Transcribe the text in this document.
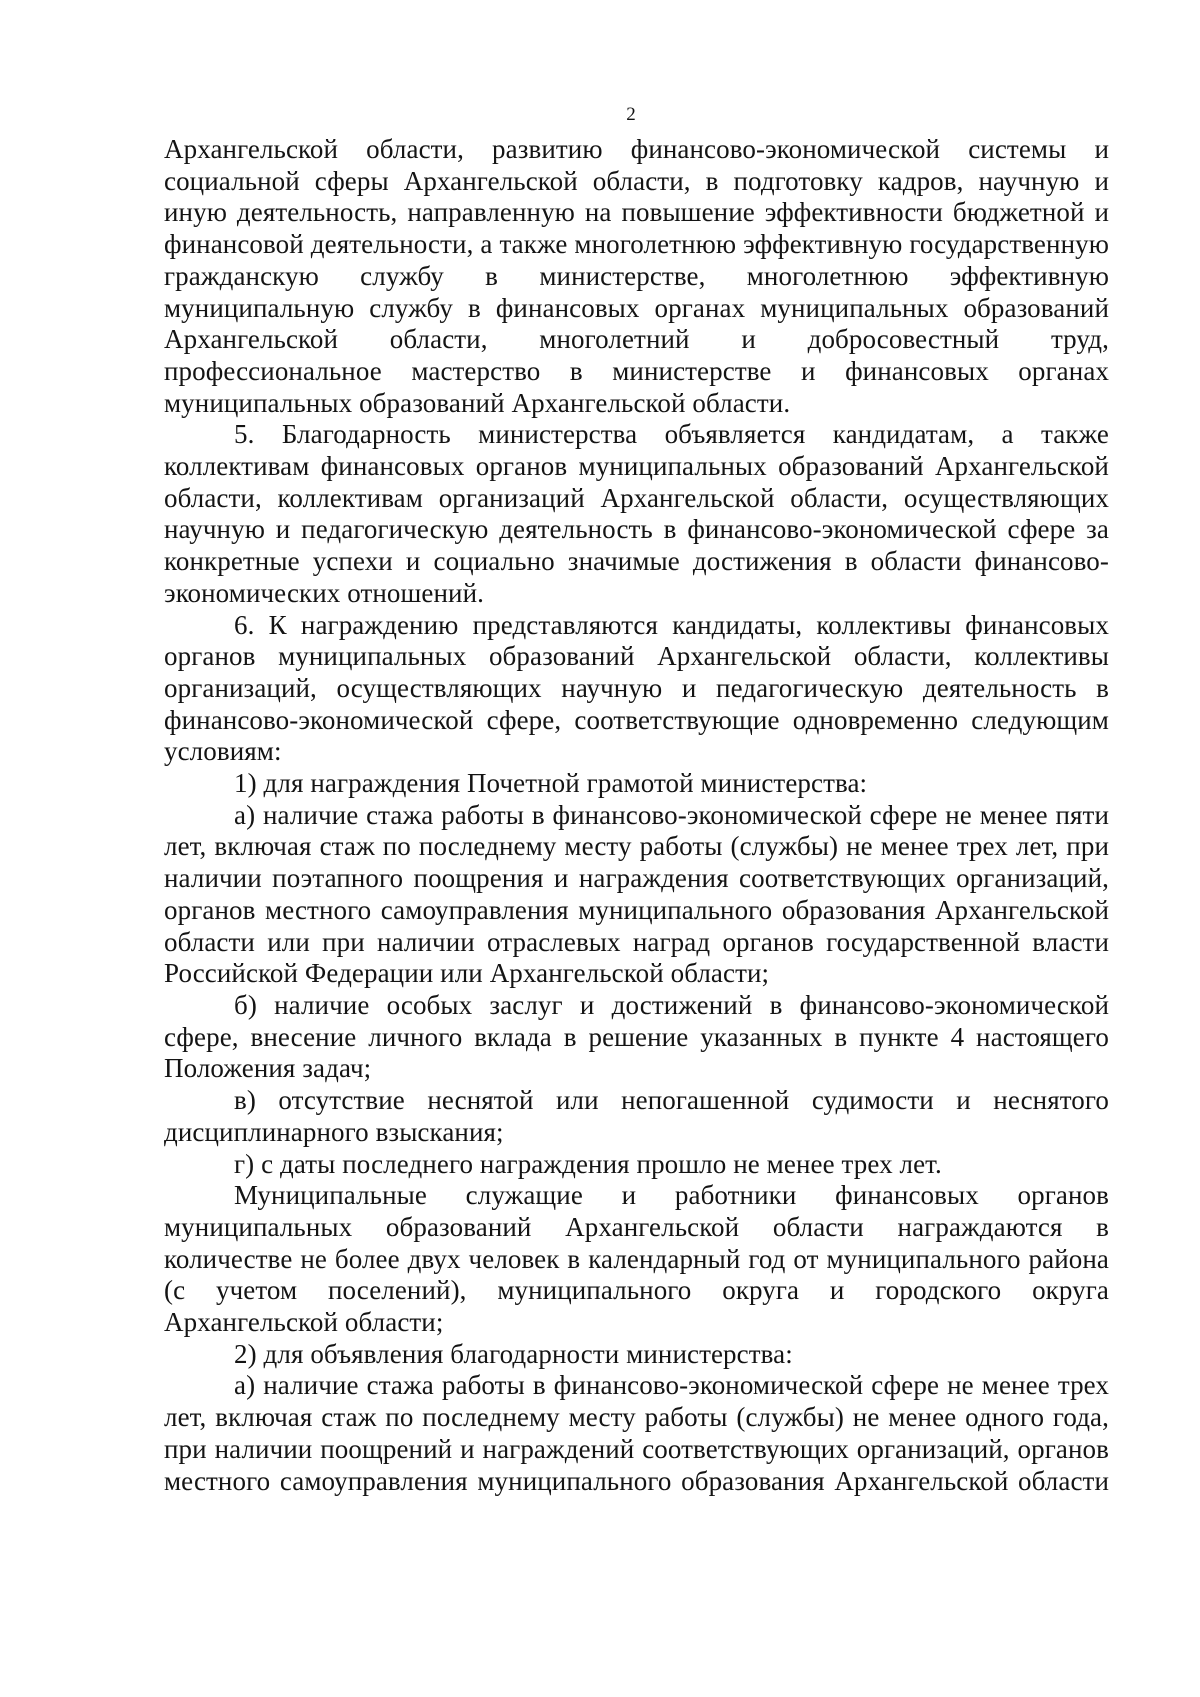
2

Архангельской области, развитию финансово-экономической системы и социальной сферы Архангельской области, в подготовку кадров, научную и иную деятельность, направленную на повышение эффективности бюджетной и финансовой деятельности, а также многолетнюю эффективную государственную гражданскую службу в министерстве, многолетнюю эффективную муниципальную службу в финансовых органах муниципальных образований Архангельской области, многолетний и добросовестный труд, профессиональное мастерство в министерстве и финансовых органах муниципальных образований Архангельской области.

5. Благодарность министерства объявляется кандидатам, а также коллективам финансовых органов муниципальных образований Архангельской области, коллективам организаций Архангельской области, осуществляющих научную и педагогическую деятельность в финансово-экономической сфере за конкретные успехи и социально значимые достижения в области финансово-экономических отношений.

6. К награждению представляются кандидаты, коллективы финансовых органов муниципальных образований Архангельской области, коллективы организаций, осуществляющих научную и педагогическую деятельность в финансово-экономической сфере, соответствующие одновременно следующим условиям:

1) для награждения Почетной грамотой министерства:

а) наличие стажа работы в финансово-экономической сфере не менее пяти лет, включая стаж по последнему месту работы (службы) не менее трех лет, при наличии поэтапного поощрения и награждения соответствующих организаций, органов местного самоуправления муниципального образования Архангельской области или при наличии отраслевых наград органов государственной власти Российской Федерации или Архангельской области;

б) наличие особых заслуг и достижений в финансово-экономической сфере, внесение личного вклада в решение указанных в пункте 4 настоящего Положения задач;

в) отсутствие неснятой или непогашенной судимости и неснятого дисциплинарного взыскания;

г) с даты последнего награждения прошло не менее трех лет.

Муниципальные служащие и работники финансовых органов муниципальных образований Архангельской области награждаются в количестве не более двух человек в календарный год от муниципального района (с учетом поселений), муниципального округа и городского округа Архангельской области;

2) для объявления благодарности министерства:

а) наличие стажа работы в финансово-экономической сфере не менее трех лет, включая стаж по последнему месту работы (службы) не менее одного года, при наличии поощрений и награждений соответствующих организаций, органов местного самоуправления муниципального образования Архангельской области
